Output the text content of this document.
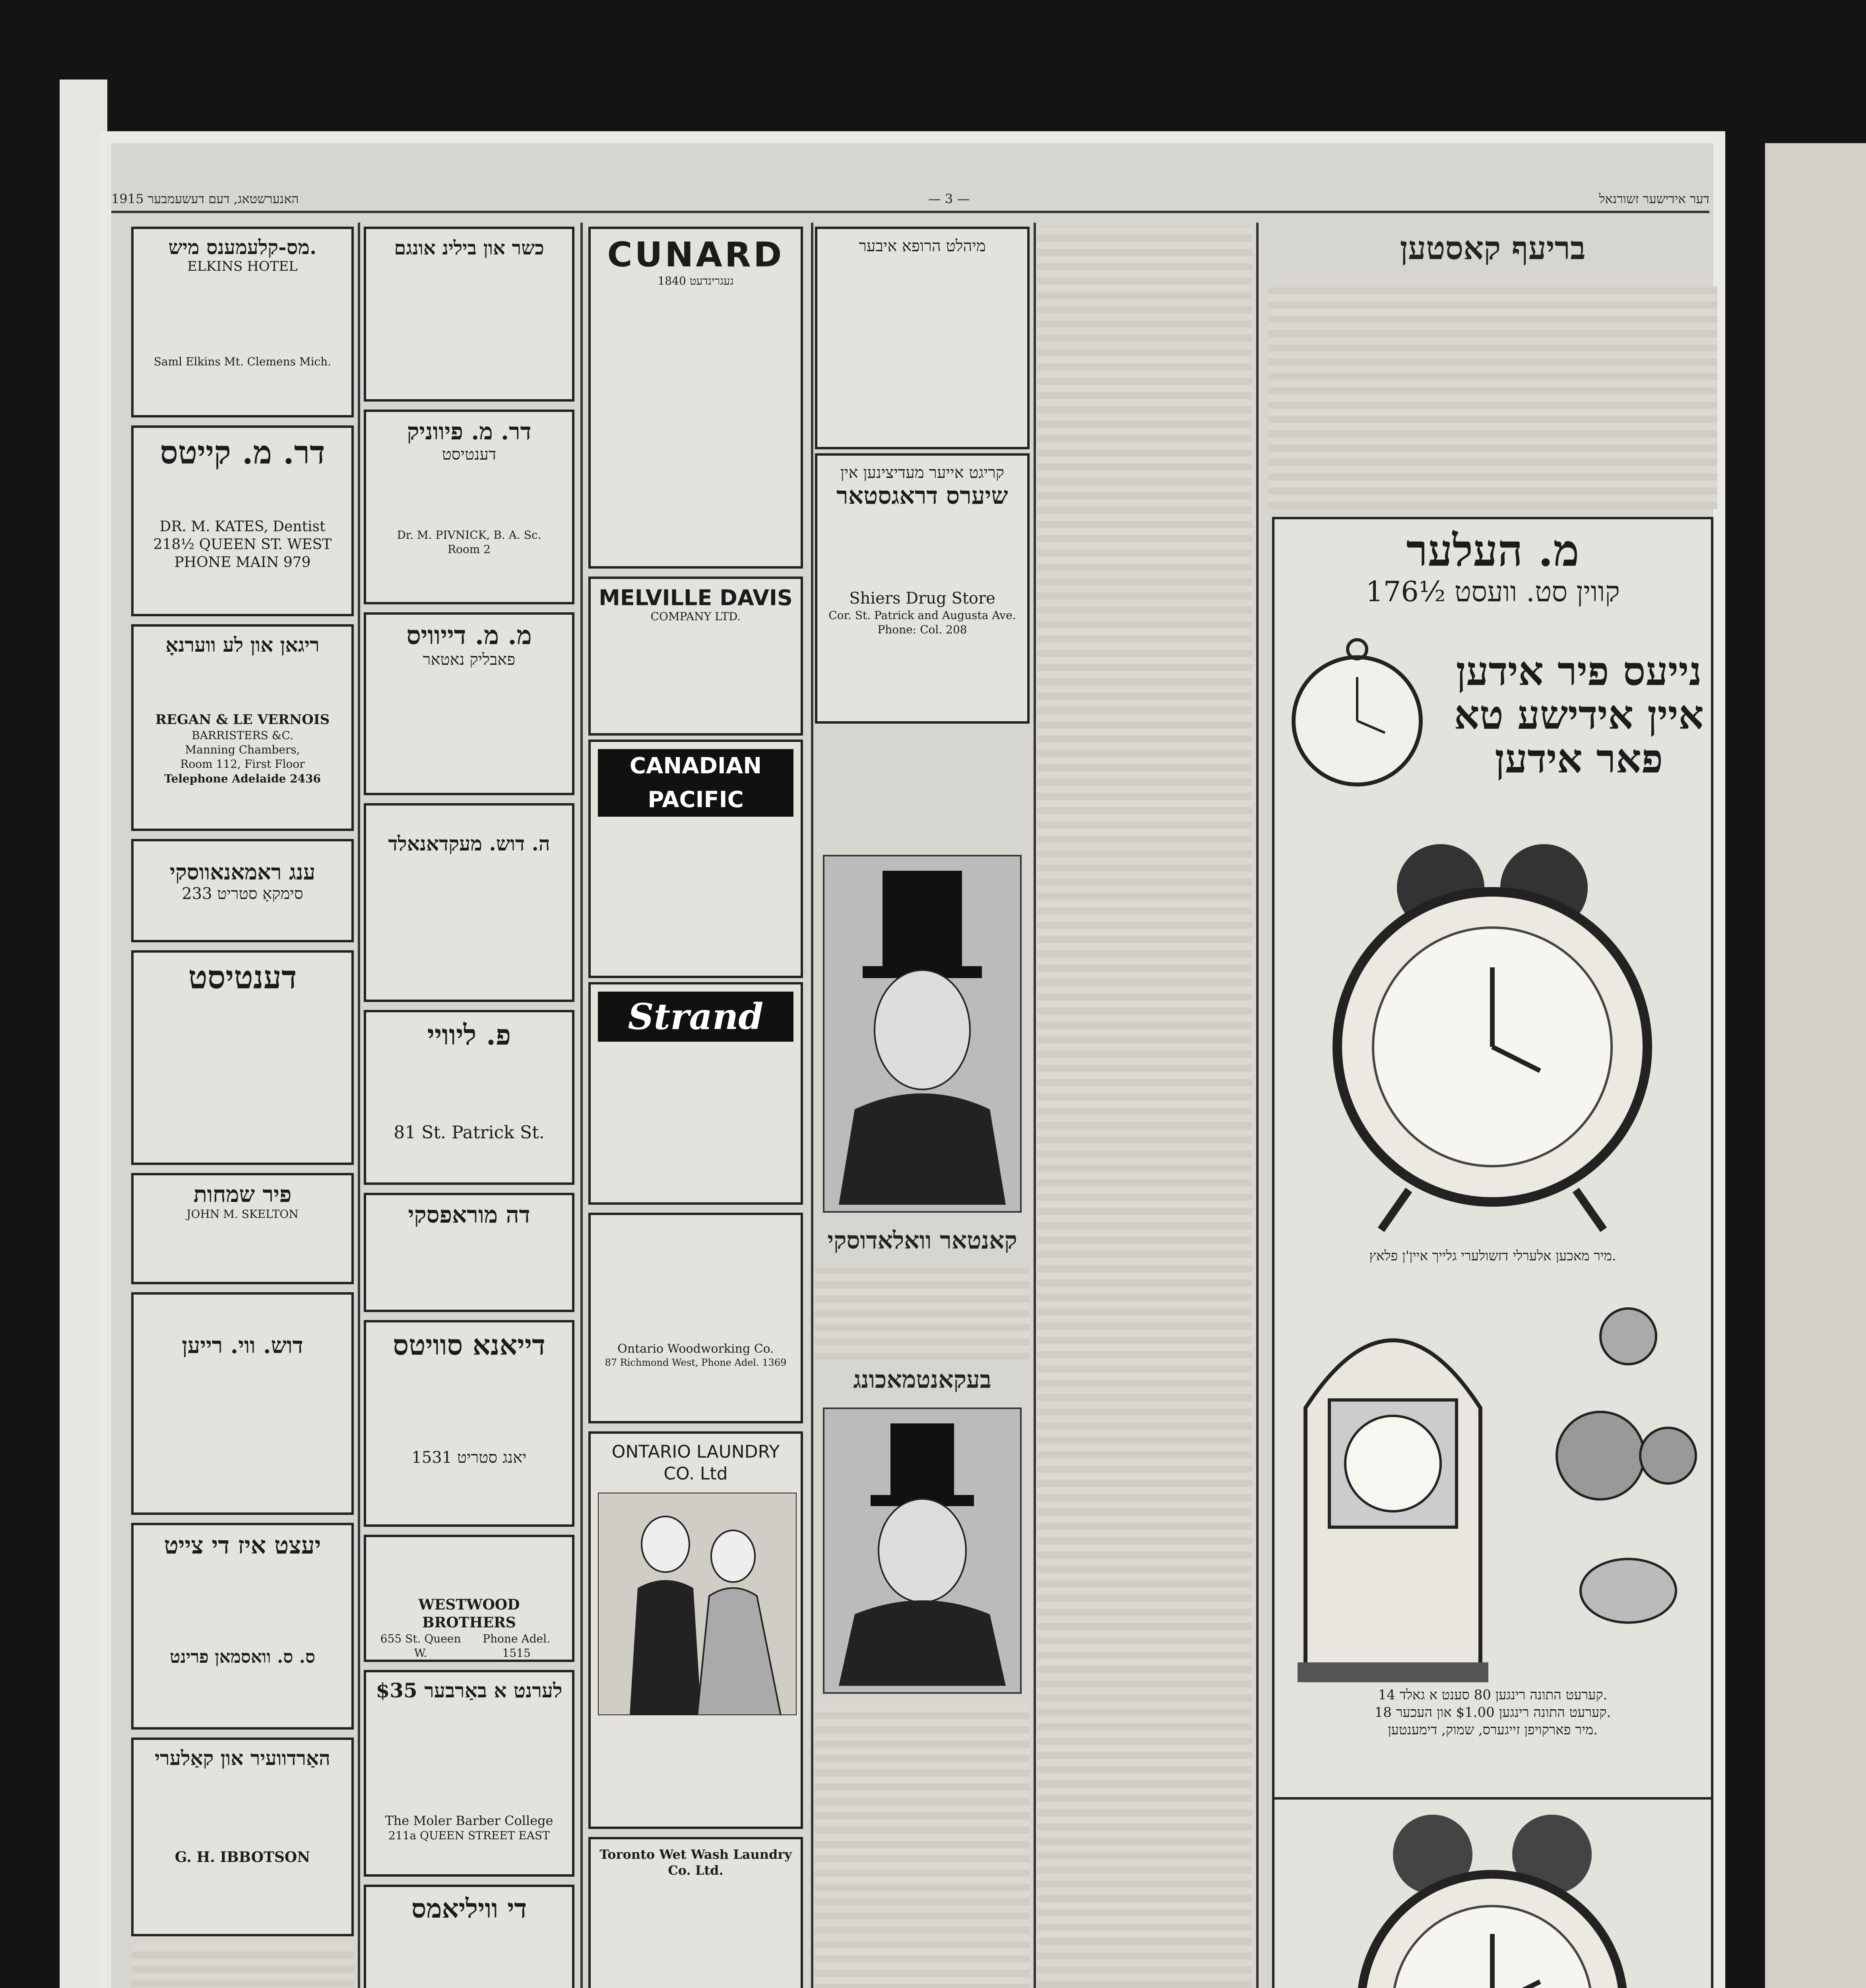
האנערשטאג, דעם דעשעמבער 1915	— 3 —	דער אידישער זשורנאל
בריעף קאסטען
מ. העלער
176½ קווין סט. וועסט
נייעס פיר אידען
איין אידישע טא
פאר אידען
מיר מאכען אלערלי דזשולערי גלייך איין'ן פלאץ.
14 קערעט התונה רינגען 80 סענט א גאלד.
18 קערעט התונה רינגען $1.00 און העכער.
מיר פארקויפן זייגערס, שמוק, דימענטען.
מיהלט הרופא איבער
קריגט אייער מעדיצינען אין
שיערס דראגסטאר
Shiers Drug Store
Cor. St. Patrick and Augusta Ave.
Phone: Col. 208
קאנטאר וואלאדוסקי
בעקאנטמאכונג
CUNARD
געגרינדעט 1840
MELVILLE DAVIS
COMPANY LTD.
CANADIAN
PACIFIC
Strand
Ontario Woodworking Co.
87 Richmond West, Phone Adel. 1369
ONTARIO LAUNDRY CO. Ltd
Toronto Wet Wash Laundry Co. Ltd.
כשר און בילינ אונגם
דר. מ. פיווניק
דענטיסט
Dr. M. PIVNICK, B. A. Sc.
Room 2
מ. מ. דייוויס
פאבליק נאטאר
ה. דוש. מעקדאנאלד
פ. ליוויי
81 St. Patrick St.
דה מוראפסקי
דייאנא סוויטס
1531 יאנג סטריט
WESTWOOD BROTHERS
655 St. Queen W.
Phone Adel. 1515
$35 לערנט א באַרבער
The Moler Barber College
211a QUEEN STREET EAST
די וויליאמס
מס-קלעמענס מיש.
ELKINS HOTEL
Saml Elkins Mt. Clemens Mich.
דר. מ. קייטס
DR. M. KATES, Dentist
218½ QUEEN ST. WEST
PHONE MAIN 979
ריגאן און לע ווערנאָ
REGAN & LE VERNOIS
BARRISTERS &C.
Manning Chambers,
Room 112, First Floor
Telephone Adelaide 2436
ענג ראמאנאווסקי
233 סימקאָ סטריט
דענטיסט
פיר שמחות
JOHN M. SKELTON
דוש. ווי. רייען
יעצט איז די צייט
ס. ס. וואסמאן פרינט
האַרדוועיר און קאַלערי
G. H. IBBOTSON
